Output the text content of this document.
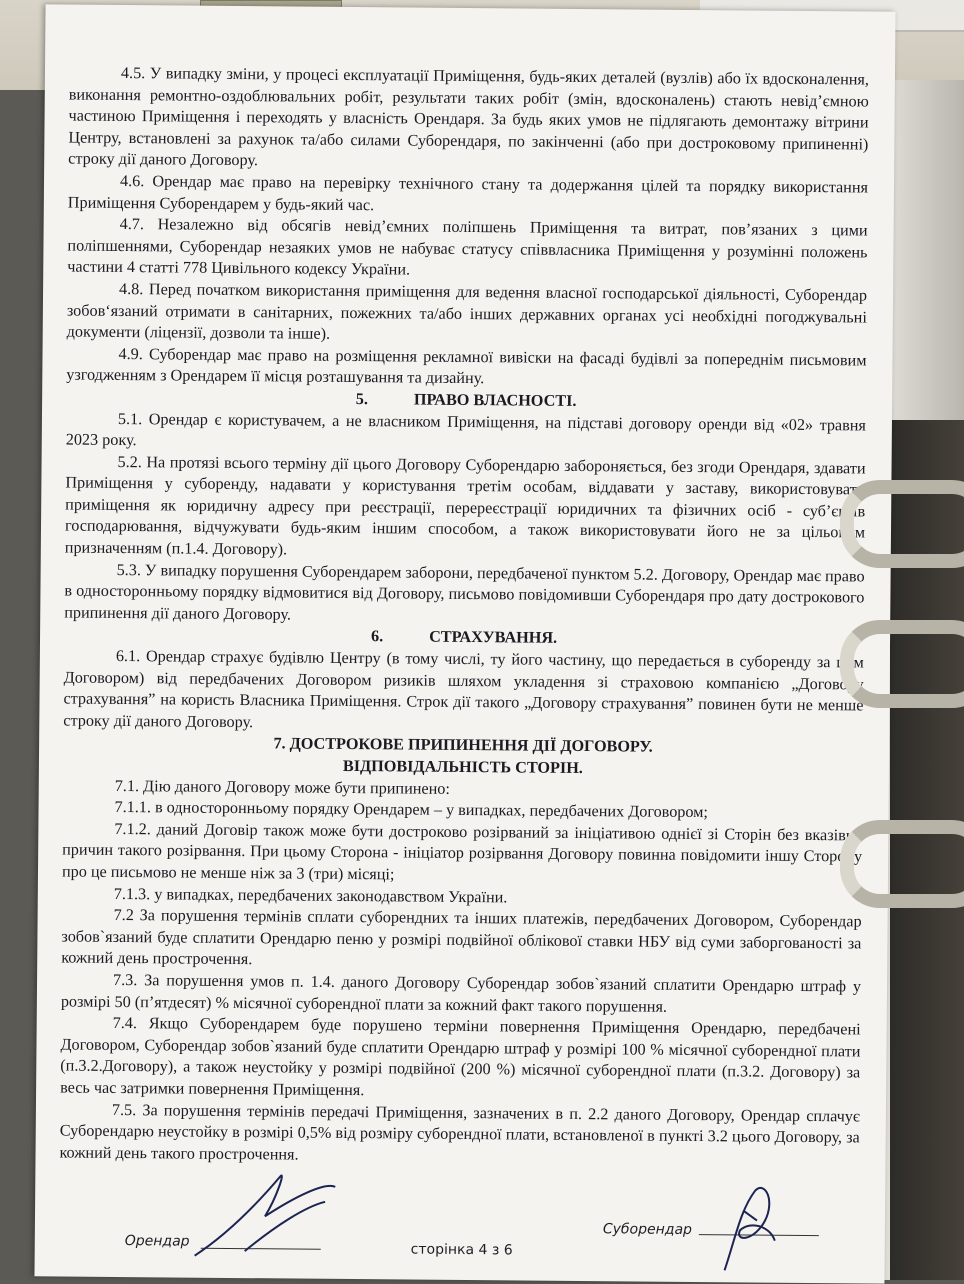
4.5. У випадку зміни, у процесі експлуатації Приміщення, будь-яких деталей (вузлів) або їх вдосконалення, виконання ремонтно-оздоблювальних робіт, результати таких робіт (змін, вдосконалень) стають невід’ємною частиною Приміщення і переходять у власність Орендаря. За будь яких умов не підлягають демонтажу вітрини Центру, встановлені за рахунок та/або силами Суборендаря, по закінченні (або при достроковому припиненні) строку дії даного Договору.

4.6. Орендар має право на перевірку технічного стану та додержання цілей та порядку використання Приміщення Суборендарем у будь-який час.

4.7. Незалежно від обсягів невід’ємних поліпшень Приміщення та витрат, пов’язаних з цими поліпшеннями, Суборендар незаяких умов не набуває статусу співвласника Приміщення у розумінні положень частини 4 статті 778 Цивільного кодексу України.

4.8. Перед початком використання приміщення для ведення власної господарської діяльності, Суборендар зобов‘язаний отримати в санітарних, пожежних та/або інших державних органах усі необхідні погоджувальні документи (ліцензії, дозволи та інше).

4.9. Суборендар має право на розміщення рекламної вивіски на фасаді будівлі за попереднім письмовим узгодженням з Орендарем її місця розташування та дизайну.

5.	ПРАВО ВЛАСНОСТІ.

5.1. Орендар є користувачем, а не власником Приміщення, на підставі договору оренди від «02» травня 2023 року.

5.2. На протязі всього терміну дії цього Договору Суборендарю забороняється, без згоди Орендаря, здавати Приміщення у суборенду, надавати у користування третім особам, віддавати у заставу, використовувати приміщення як юридичну адресу при реєстрації, перереєстрації юридичних та фізичних осіб - суб’єктів господарювання, відчужувати будь-яким іншим способом, а також використовувати його не за цільовим призначенням (п.1.4. Договору).

5.3. У випадку порушення Суборендарем заборони, передбаченої пунктом 5.2. Договору, Орендар має право в односторонньому порядку відмовитися від Договору, письмово повідомивши Суборендаря про дату дострокового припинення дії даного Договору.

6.	СТРАХУВАННЯ.

6.1. Орендар страхує будівлю Центру (в тому числі, ту його частину, що передається в суборенду за цим Договором) від передбачених Договором ризиків шляхом укладення зі страховою компанією „Договору страхування” на користь Власника Приміщення. Строк дії такого „Договору страхування” повинен бути не менше строку дії даного Договору.

7. ДОСТРОКОВЕ ПРИПИНЕННЯ ДІЇ ДОГОВОРУ.
ВІДПОВІДАЛЬНІСТЬ СТОРІН.

7.1. Дію даного Договору може бути припинено:

7.1.1. в односторонньому порядку Орендарем – у випадках, передбачених Договором;

7.1.2. даний Договір також може бути достроково розірваний за ініціативою однієї зі Сторін без вказівки причин такого розірвання. При цьому Сторона - ініціатор розірвання Договору повинна повідомити іншу Сторону про це письмово не менше ніж за 3 (три) місяці;

7.1.3. у випадках, передбачених законодавством України.

7.2 За порушення термінів сплати суборендних та інших платежів, передбачених Договором, Суборендар зобов`язаний буде сплатити Орендарю пеню у розмірі подвійної облікової ставки НБУ від суми заборгованості за кожний день прострочення.

7.3. За порушення умов п. 1.4. даного Договору Суборендар зобов`язаний сплатити Орендарю штраф у розмірі 50 (п’ятдесят) % місячної суборендної плати за кожний факт такого порушення.

7.4. Якщо Суборендарем буде порушено терміни повернення Приміщення Орендарю, передбачені Договором, Суборендар зобов`язаний буде сплатити Орендарю штраф у розмірі 100 % місячної суборендної плати (п.3.2.Договору), а також неустойку у розмірі подвійної (200 %) місячної суборендної плати (п.3.2. Договору) за весь час затримки повернення Приміщення.

7.5. За порушення термінів передачі Приміщення, зазначених в п. 2.2 даного Договору, Орендар сплачує Суборендарю неустойку в розмірі 0,5% від розміру суборендної плати, встановленої в пункті 3.2 цього Договору, за кожний день такого прострочення.

Орендар
сторінка 4 з 6
Суборендар
